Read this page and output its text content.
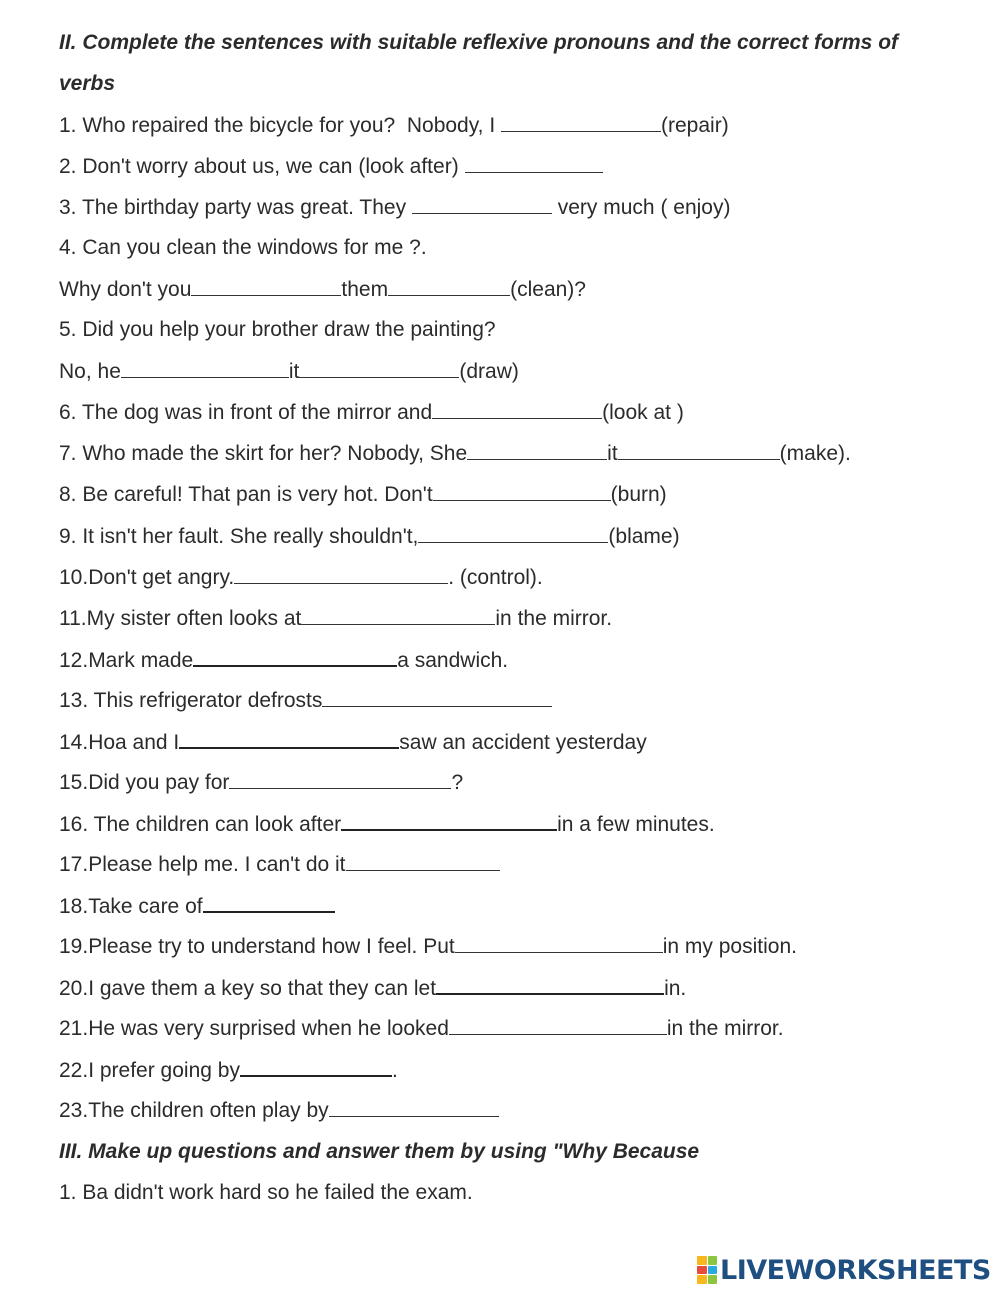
II. Complete the sentences with suitable reflexive pronouns and the correct forms of
verbs
1. Who repaired the bicycle for you?  Nobody, I	(repair)
2. Don't worry about us, we can (look after)
3. The birthday party was great. They	very much ( enjoy)
4. Can you clean the windows for me ?.
Why don't you	them	(clean)?
5. Did you help your brother draw the painting?
No, he	it	(draw)
6. The dog was in front of the mirror and	(look at )
7. Who made the skirt for her? Nobody, She	it	(make).
8. Be careful! That pan is very hot. Don't	(burn)
9. It isn't her fault. She really shouldn't,	(blame)
10.Don't get angry.	. (control).
11.My sister often looks at	in the mirror.
12.Mark made	a sandwich.
13. This refrigerator defrosts
14.Hoa and I	saw an accident yesterday
15.Did you pay for	?
16. The children can look after	in a few minutes.
17.Please help me. I can't do it
18.Take care of
19.Please try to understand how I feel. Put	in my position.
20.I gave them a key so that they can let	in.
21.He was very surprised when he looked	in the mirror.
22.I prefer going by	.
23.The children often play by
III. Make up questions and answer them by using "Why Because
1. Ba didn't work hard so he failed the exam.
LIVEWORKSHEETS
